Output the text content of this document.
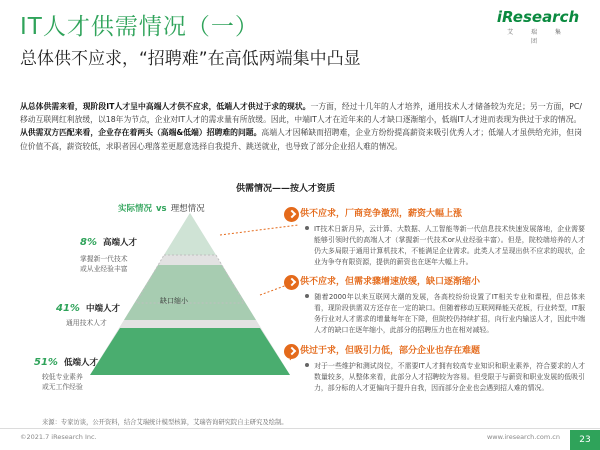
IT人才供需情况（一）
总体供不应求，“招聘难”在高低两端集中凸显
iResearch
艾 瑞 集 团

从总体供需来看，现阶段IT人才呈中高端人才供不应求，低端人才供过于求的现状。一方面，经过十几年的人才培养，通用技术人才储备较为充足；另一方面，PC/移动互联网红利放缓，以18年为节点，企业对IT人才的需求量有所放缓。因此，中端IT人才在近年来的人才缺口逐渐缩小，低端IT人才进而表现为供过于求的情况。

从供需双方匹配来看，企业存在着两头（高端&低端）招聘难的问题。高端人才因稀缺而招聘难，企业方纷纷提高薪资来吸引优秀人才；低端人才虽供给充沛，但岗位价值不高，薪资较低，求职者因心理落差更愿意选择自我提升、跳送就业，也导致了部分企业招人难的情况。

供需情况——按人才资质
实际情况 vs 理想情况
8% 高端人才
掌握新一代技术
或从业经验丰富
41% 中端人才
通用技术人才
51% 低端人才
较低专业素养
或无工作经验
缺口缩小
供不应求，厂商竞争激烈，薪资大幅上涨
IT技术日新月异，云计算、大数据、人工智能等新一代信息技术快速发展落地，企业需要能够引领时代的高端人才（掌握新一代技术or从业经验丰富）。但是，院校端培养的人才仍大多局限于通用计算机技术，不能满足企业需求。此类人才呈现出供不应求的现状，企业为争夺有限资源，提供的薪资也在逐年大幅上升。
供不应求，但需求骤增速放缓，缺口逐渐缩小
随着2000年以来互联网大潮的发展，各高校纷纷设置了IT相关专业和课程，但总体来看，现阶段供需双方还存在一定的缺口。但随着移动互联网释能天花板，行业转型，IT服务行业对人才需求的增量每年在下降，但院校仍持续扩招，向行业内输送人才，因此中端人才的缺口在逐年缩小，此部分的招聘压力也在相对减轻。
供过于求，但吸引力低，部分企业也存在难题
对于一些维护和测试岗位，不需要IT人才拥有较高专业知识和职业素养，符合要求的人才数量较多，从整体来看，此部分人才招聘较为容易。但受限于与薪资和职业发展的低吸引力，部分标的人才更偏向于提升自我，因而部分企业也会遇到招人难的情况。
来源：专家访谈，公开资料，结合艾瑞统计模型核算，艾瑞咨询研究院自主研究及绘制。
©2021.7 iResearch Inc.	www.iresearch.com.cn	23
